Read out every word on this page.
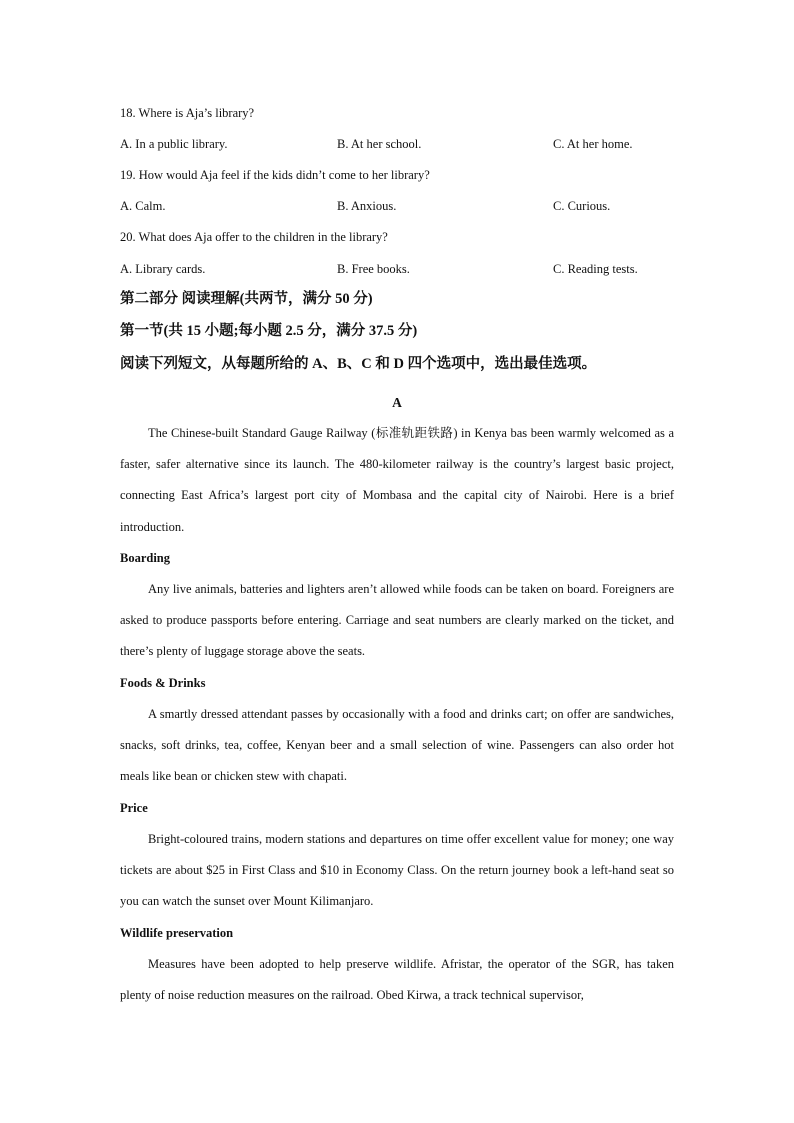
18. Where is Aja’s library?
A. In a public library.	B. At her school.	C. At her home.
19. How would Aja feel if the kids didn’t come to her library?
A. Calm.	B. Anxious.	C. Curious.
20. What does Aja offer to the children in the library?
A. Library cards.	B. Free books.	C. Reading tests.
第二部分 阅读理解(共两节，满分 50 分)
第一节(共 15 小题;每小题 2.5 分，满分 37.5 分)
阅读下列短文，从每题所给的 A、B、C 和 D 四个选项中，选出最佳选项。
A

The Chinese-built Standard Gauge Railway (标准轨距铁路) in Kenya bas been warmly welcomed as a faster, safer alternative since its launch. The 480-kilometer railway is the country’s largest basic project, connecting East Africa’s largest port city of Mombasa and the capital city of Nairobi. Here is a brief introduction.

Boarding

Any live animals, batteries and lighters aren’t allowed while foods can be taken on board. Foreigners are asked to produce passports before entering. Carriage and seat numbers are clearly marked on the ticket, and there’s plenty of luggage storage above the seats.

Foods & Drinks

A smartly dressed attendant passes by occasionally with a food and drinks cart; on offer are sandwiches, snacks, soft drinks, tea, coffee, Kenyan beer and a small selection of wine. Passengers can also order hot meals like bean or chicken stew with chapati.

Price

Bright-coloured trains, modern stations and departures on time offer excellent value for money; one way tickets are about $25 in First Class and $10 in Economy Class. On the return journey book a left-hand seat so you can watch the sunset over Mount Kilimanjaro.

Wildlife preservation

Measures have been adopted to help preserve wildlife. Afristar, the operator of the SGR, has taken plenty of noise reduction measures on the railroad. Obed Kirwa, a track technical supervisor,
